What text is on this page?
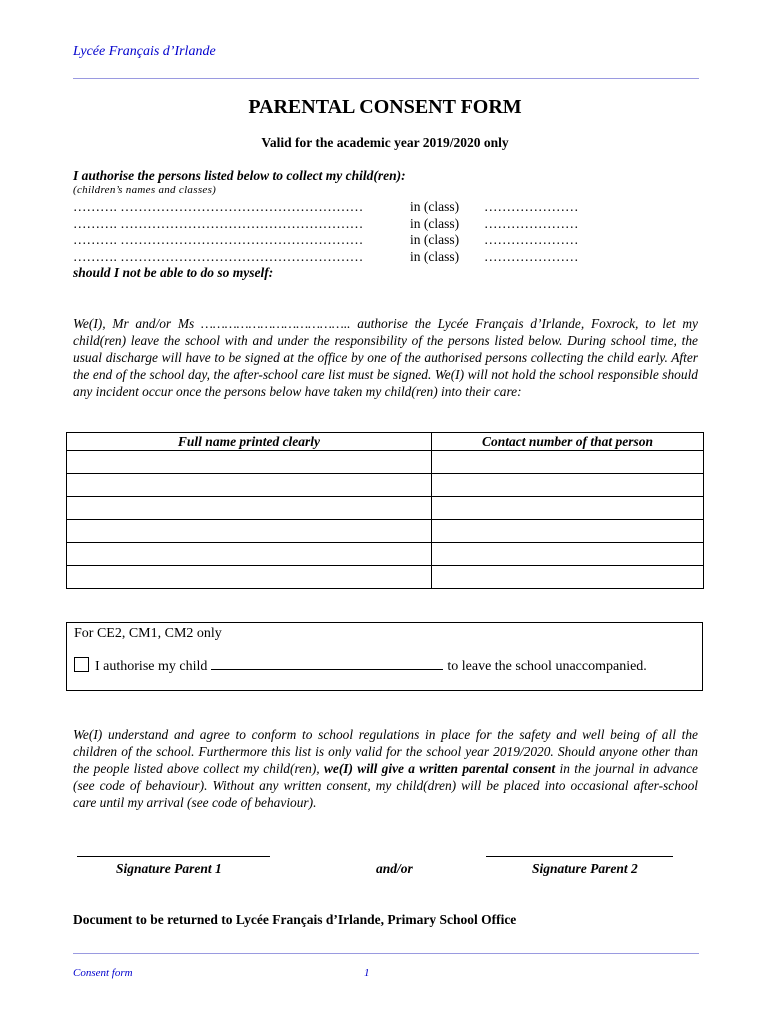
Lycée Français d’Irlande
PARENTAL CONSENT FORM
Valid for the academic year 2019/2020 only
I authorise the persons listed below to collect my child(ren):
(children’s names and classes)
………. ………………………………………………	in (class) …………………
………. ………………………………………………	in (class) …………………
………. ………………………………………………	in (class) …………………
………. ………………………………………………	in (class) …………………
should I not be able to do so myself:

We(I), Mr and/or Ms ……………………………….. authorise the Lycée Français d’Irlande, Foxrock, to let my child(ren) leave the school with and under the responsibility of the persons listed below. During school time, the usual discharge will have to be signed at the office by one of the authorised persons collecting the child early. After the end of the school day, the after-school care list must be signed. We(I) will not hold the school responsible should any incident occur once the persons below have taken my child(ren) into their care:

Full name printed clearly	Contact number of that person

For CE2, CM1, CM2 only
I authorise my child	to leave the school unaccompanied.

We(I) understand and agree to conform to school regulations in place for the safety and well being of all the children of the school. Furthermore this list is only valid for the school year 2019/2020. Should anyone other than the people listed above collect my child(ren), we(I) will give a written parental consent in the journal in advance (see code of behaviour). Without any written consent, my child(dren) will be placed into occasional after-school care until my arrival (see code of behaviour).

Signature Parent 1	and/or	Signature Parent 2
Document to be returned to Lycée Français d’Irlande, Primary School Office
Consent form	1
